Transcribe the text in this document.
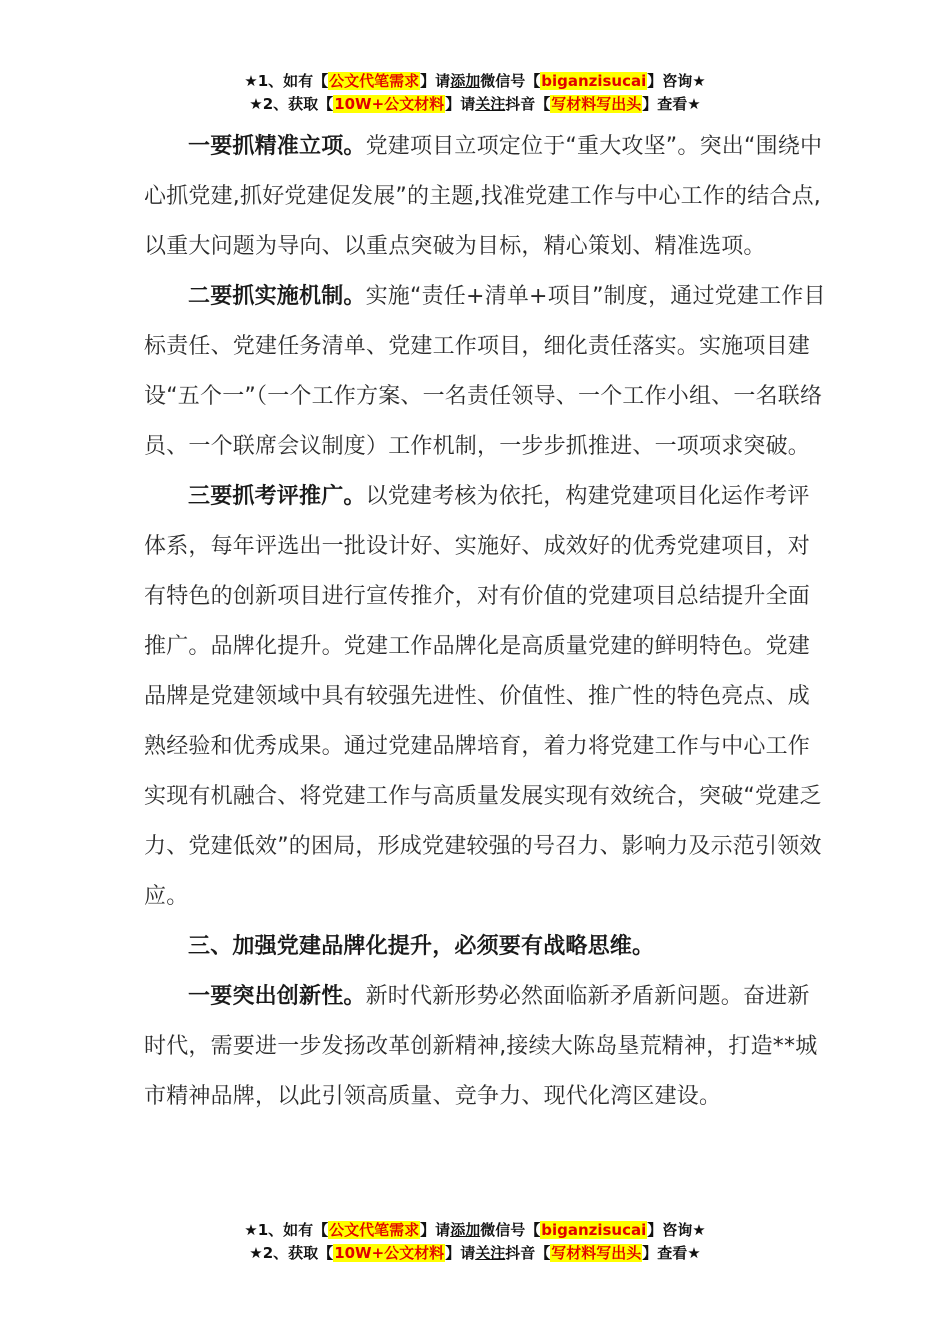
★1、如有【公文代笔需求】请添加微信号【biganzisucai】咨询★
★2、获取【10W+公文材料】请关注抖音【写材料写出头】查看★

一要抓精准立项。党建项目立项定位于“重大攻坚”。突出“围绕中心抓党建,抓好党建促发展”的主题,找准党建工作与中心工作的结合点,以重大问题为导向、以重点突破为目标，精心策划、精准选项。

二要抓实施机制。实施“责任+清单+项目”制度，通过党建工作目标责任、党建任务清单、党建工作项目，细化责任落实。实施项目建设“五个一”（一个工作方案、一名责任领导、一个工作小组、一名联络员、一个联席会议制度）工作机制，一步步抓推进、一项项求突破。

三要抓考评推广。以党建考核为依托，构建党建项目化运作考评体系，每年评选出一批设计好、实施好、成效好的优秀党建项目，对有特色的创新项目进行宣传推介，对有价值的党建项目总结提升全面推广。品牌化提升。党建工作品牌化是高质量党建的鲜明特色。党建品牌是党建领域中具有较强先进性、价值性、推广性的特色亮点、成熟经验和优秀成果。通过党建品牌培育，着力将党建工作与中心工作实现有机融合、将党建工作与高质量发展实现有效统合，突破“党建乏力、党建低效”的困局，形成党建较强的号召力、影响力及示范引领效应。

三、加强党建品牌化提升，必须要有战略思维。

一要突出创新性。新时代新形势必然面临新矛盾新问题。奋进新时代，需要进一步发扬改革创新精神,接续大陈岛垦荒精神，打造**城市精神品牌，以此引领高质量、竞争力、现代化湾区建设。

★1、如有【公文代笔需求】请添加微信号【biganzisucai】咨询★
★2、获取【10W+公文材料】请关注抖音【写材料写出头】查看★
